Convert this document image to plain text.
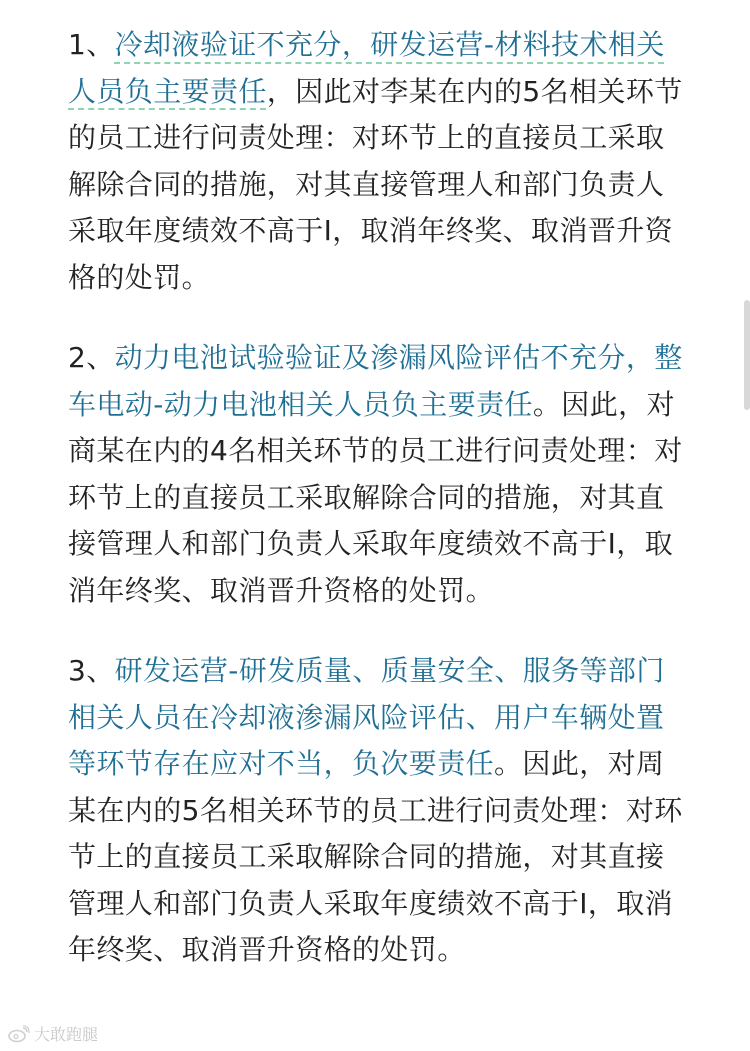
1、冷却液验证不充分，研发运营-材料技术相关人员负主要责任，因此对李某在内的5名相关环节的员工进行问责处理：对环节上的直接员工采取解除合同的措施，对其直接管理人和部门负责人采取年度绩效不高于I，取消年终奖、取消晋升资格的处罚。

2、动力电池试验验证及渗漏风险评估不充分，整车电动-动力电池相关人员负主要责任。因此，对商某在内的4名相关环节的员工进行问责处理：对环节上的直接员工采取解除合同的措施，对其直接管理人和部门负责人采取年度绩效不高于I，取消年终奖、取消晋升资格的处罚。

3、研发运营-研发质量、质量安全、服务等部门相关人员在冷却液渗漏风险评估、用户车辆处置等环节存在应对不当，负次要责任。因此，对周某在内的5名相关环节的员工进行问责处理：对环节上的直接员工采取解除合同的措施，对其直接管理人和部门负责人采取年度绩效不高于I，取消年终奖、取消晋升资格的处罚。

大敢跑腿
